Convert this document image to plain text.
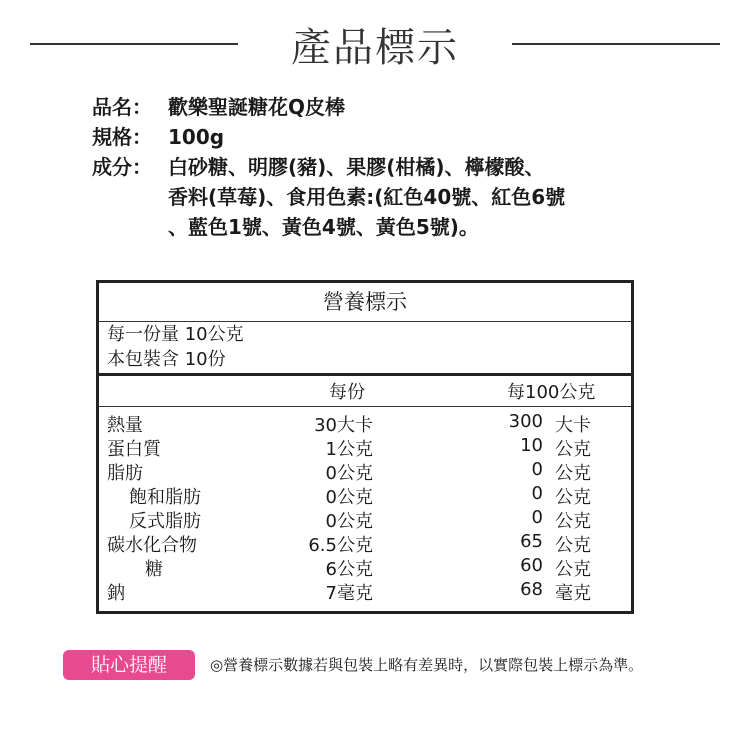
產品標示
品名： 歡樂聖誕糖花Q皮棒
規格： 100g
成分： 白砂糖、明膠(豬)、果膠(柑橘)、檸檬酸、
香料(草莓)、食用色素:(紅色40號、紅色6號
、藍色1號、黃色4號、黃色5號)。
營養標示
每一份量 10公克
本包裝含 10份
每份	每100公克
熱量	30大卡	300 大卡
蛋白質	1公克	10 公克
脂肪	0公克	0 公克
飽和脂肪	0公克	0 公克
反式脂肪	0公克	0 公克
碳水化合物	6.5公克	65 公克
糖	6公克	60 公克
鈉	7毫克	68 毫克
貼心提醒	◎營養標示數據若與包裝上略有差異時，以實際包裝上標示為準。
